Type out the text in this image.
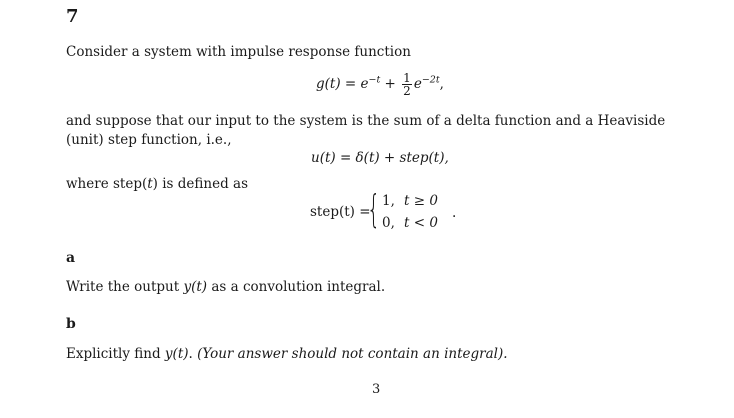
7
Consider a system with impulse response function
$g(t) = e^{-t} + \frac{1}{2} e^{-2t}$,
and suppose that our input to the system is the sum of a delta function and a Heaviside (unit) step function, i.e.,
u(t) = δ(t) + step(t),
where step(t) is defined as
step(t) =
{ 1, t ≥ 0
0, t < 0
.
a
Write the output y(t) as a convolution integral.
b
Explicitly find y(t). (Your answer should not contain an integral).
3
